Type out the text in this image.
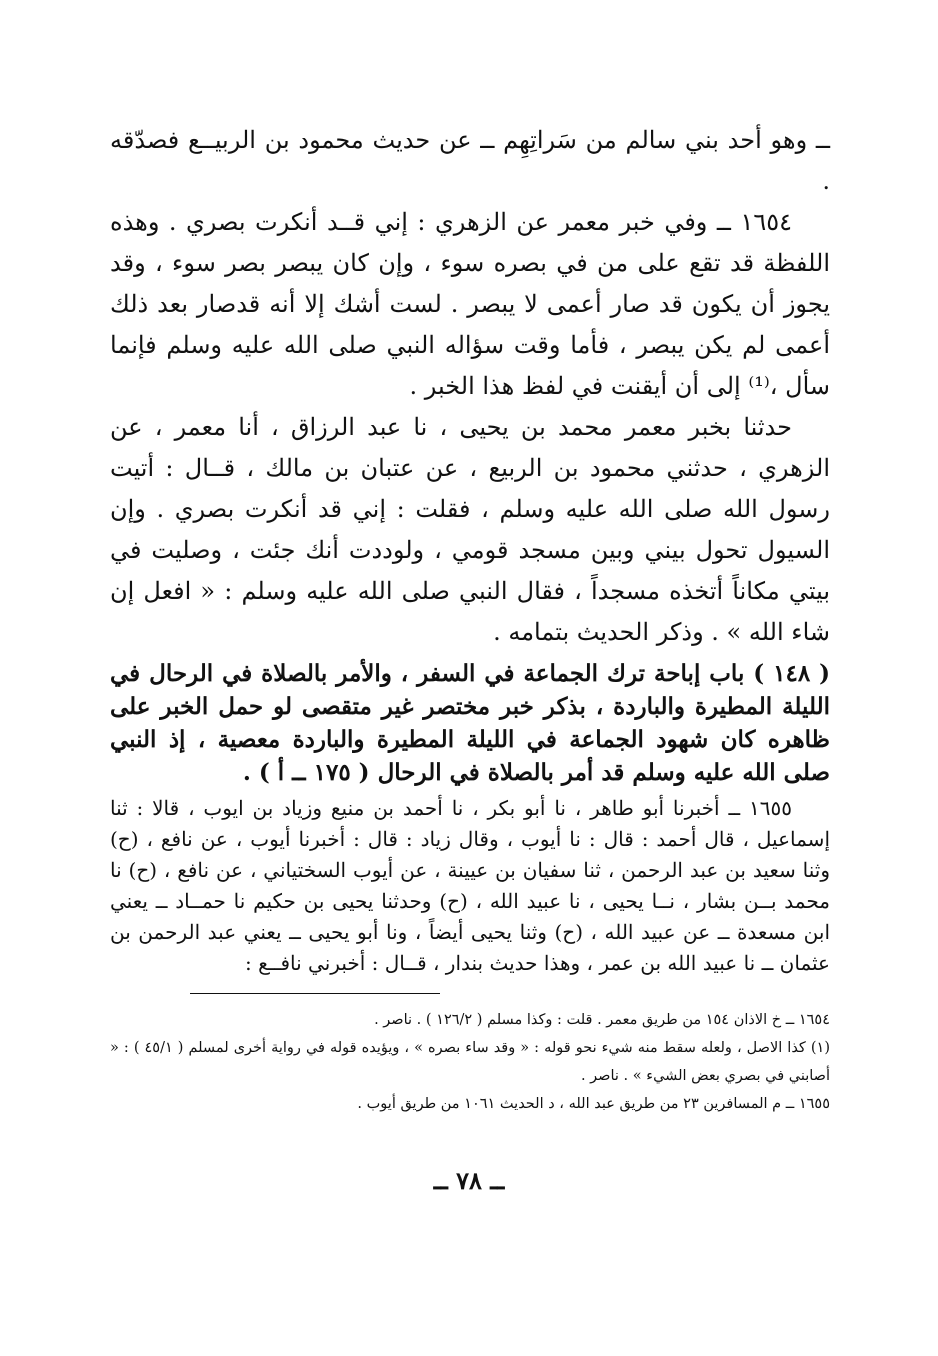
ــ وهو أحد بني سالم من سَراتِهِم ــ عن حديث محمود بن الربيــع فصدّقه .

١٦٥٤ ــ وفي خبر معمر عن الزهري : إني قــد أنكرت بصري . وهذه اللفظة قد تقع على من في بصره سوء ، وإن كان يبصر بصر سوء ، وقد يجوز أن يكون قد صار أعمى لا يبصر . لست أشك إلا أنه قدصار بعد ذلك أعمى لم يكن يبصر ، فأما وقت سؤاله النبي صلى الله عليه وسلم فإنما سأل ،⁽¹⁾ إلى أن أيقنت في لفظ هذا الخبر .

حدثنا بخبر معمر محمد بن يحيى ، نا عبد الرزاق ، أنا معمر ، عن الزهري ، حدثني محمود بن الربيع ، عن عتبان بن مالك ، قــال : أتيت رسول الله صلى الله عليه وسلم ، فقلت : إني قد أنكرت بصري . وإن السيول تحول بيني وبين مسجد قومي ، ولوددت أنك جئت ، وصليت في بيتي مكاناً أتخذه مسجداً ، فقال النبي صلى الله عليه وسلم : « افعل إن شاء الله » . وذكر الحديث بتمامه .

( ١٤٨ ) باب إباحة ترك الجماعة في السفر ، والأمر بالصلاة في الرحال في الليلة المطيرة والباردة ، بذكر خبر مختصر غير متقصى لو حمل الخبر على ظاهره كان شهود الجماعة في الليلة المطيرة والباردة معصية ، إذ النبي صلى الله عليه وسلم قد أمر بالصلاة في الرحال ( ١٧٥ ــ أ ) .

١٦٥٥ ــ أخبرنا أبو طاهر ، نا أبو بكر ، نا أحمد بن منيع وزياد بن ايوب ، قالا : ثنا إسماعيل ، قال أحمد : قال : نا أيوب ، وقال زياد : قال : أخبرنا أيوب ، عن نافع ، (ح) وثنا سعيد بن عبد الرحمن ، ثنا سفيان بن عيينة ، عن أيوب السختياني ، عن نافع ، (ح) نا محمد بــن بشار ، نــا يحيى ، نا عبيد الله ، (ح) وحدثنا يحيى بن حكيم نا حمــاد ــ يعني ابن مسعدة ــ عن عبيد الله ، (ح) وثنا يحيى أيضاً ، ونا أبو يحيى ــ يعني عبد الرحمن بن عثمان ــ نا عبيد الله بن عمر ، وهذا حديث بندار ، قــال : أخبرني نافــع :

١٦٥٤ ــ خ الاذان ١٥٤ من طريق معمر . قلت : وكذا مسلم ( ١٢٦/٢ ) . ناصر .

(١) كذا الاصل ، ولعله سقط منه شيء نحو قوله : « وقد ساء بصره » ، ويؤيده قوله في رواية أخرى لمسلم ( ٤٥/١ ) : « أصابني في بصري بعض الشيء » . ناصر .

١٦٥٥ ــ م المسافرين ٢٣ من طريق عبد الله ، د الحديث ١٠٦١ من طريق أيوب .

ــ ٧٨ ــ
